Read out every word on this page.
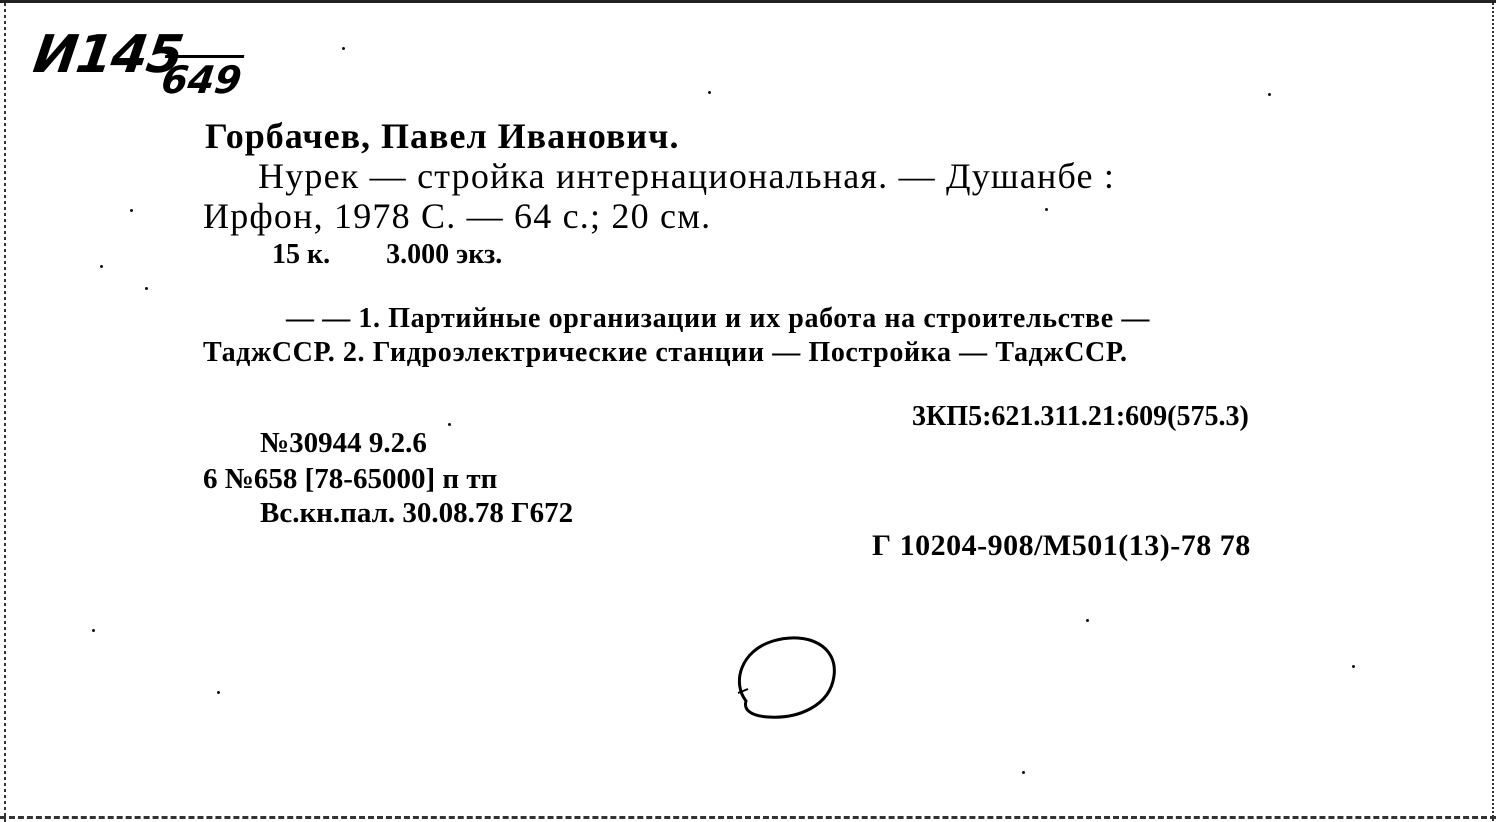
И145
649
Горбачев, Павел Иванович.
Нурек — стройка интернациональная. — Душанбе :
Ирфон, 1978 С. — 64 с.; 20 см.
15 к. 3.000 экз.
— — 1. Партийные организации и их работа на строительстве —
ТаджССР. 2. Гидроэлектрические станции — Постройка — ТаджССР.
3КП5:621.311.21:609(575.3)
№30944 9.2.6
6 №658 [78-65000] п тп
Вс.кн.пал. 30.08.78 Г672
Г 10204-908/М501(13)-78 78
